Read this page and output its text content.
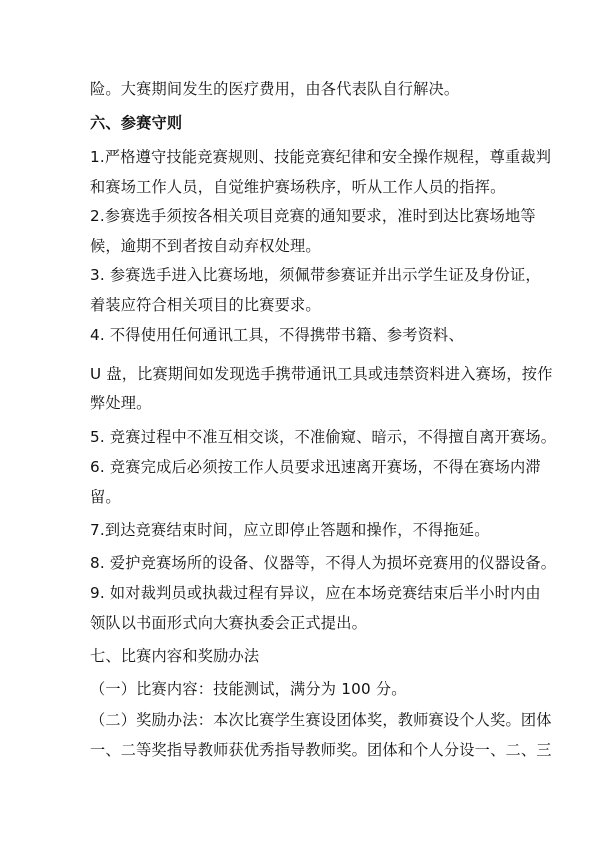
险。大赛期间发生的医疗费用，由各代表队自行解决。
六、参赛守则
1.严格遵守技能竞赛规则、技能竞赛纪律和安全操作规程，尊重裁判
和赛场工作人员，自觉维护赛场秩序，听从工作人员的指挥。
2.参赛选手须按各相关项目竞赛的通知要求，准时到达比赛场地等
候，逾期不到者按自动弃权处理。
3. 参赛选手进入比赛场地，须佩带参赛证并出示学生证及身份证，
着装应符合相关项目的比赛要求。
4. 不得使用任何通讯工具，不得携带书籍、参考资料、
U 盘，比赛期间如发现选手携带通讯工具或违禁资料进入赛场，按作
弊处理。
5. 竞赛过程中不准互相交谈，不准偷窥、暗示，不得擅自离开赛场。
6. 竞赛完成后必须按工作人员要求迅速离开赛场，不得在赛场内滞
留。
7.到达竞赛结束时间，应立即停止答题和操作，不得拖延。
8. 爱护竞赛场所的设备、仪器等，不得人为损坏竞赛用的仪器设备。
9. 如对裁判员或执裁过程有异议，应在本场竞赛结束后半小时内由
领队以书面形式向大赛执委会正式提出。
七、比赛内容和奖励办法
（一）比赛内容：技能测试，满分为 100 分。
（二）奖励办法：本次比赛学生赛设团体奖，教师赛设个人奖。团体
一、二等奖指导教师获优秀指导教师奖。团体和个人分设一、二、三
